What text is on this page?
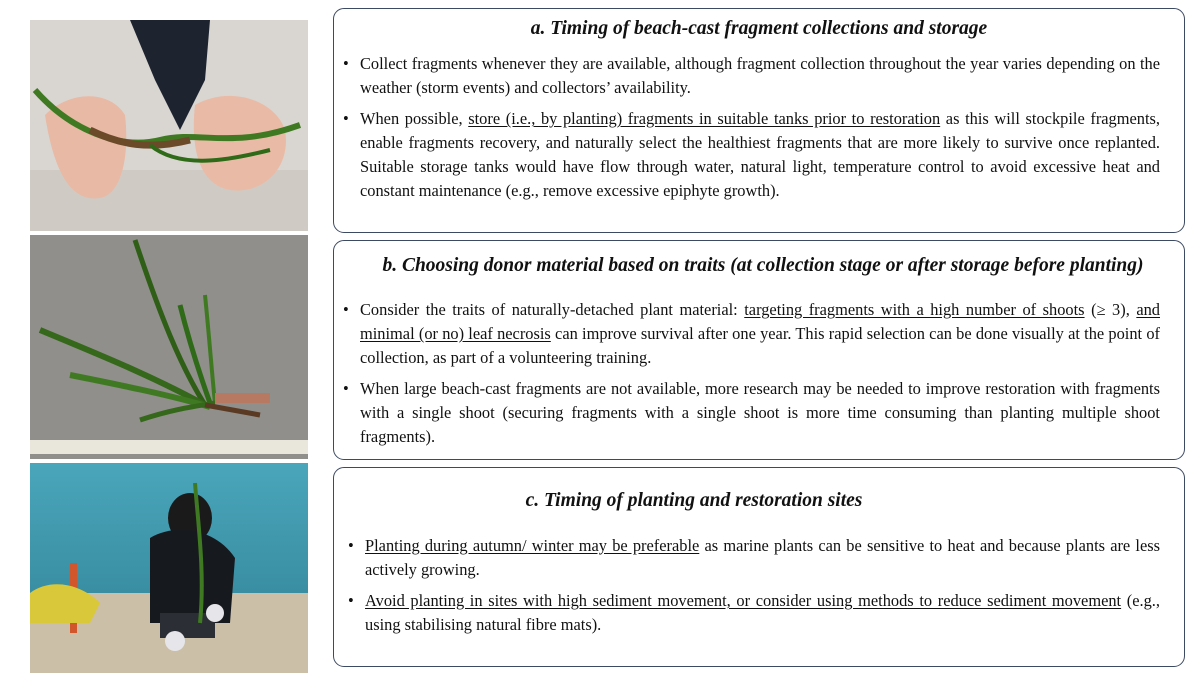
a. Timing of beach-cast fragment collections and storage
• Collect fragments whenever they are available, although fragment collection throughout the year varies depending on the weather (storm events) and collectors’ availability.
• When possible, store (i.e., by planting) fragments in suitable tanks prior to restoration as this will stockpile fragments, enable fragments recovery, and naturally select the healthiest fragments that are more likely to survive once replanted. Suitable storage tanks would have flow through water, natural light, temperature control to avoid excessive heat and constant maintenance (e.g., remove excessive epiphyte growth).
b. Choosing donor material based on traits (at collection stage or after storage before planting)
• Consider the traits of naturally-detached plant material: targeting fragments with a high number of shoots (≥ 3), and minimal (or no) leaf necrosis can improve survival after one year. This rapid selection can be done visually at the point of collection, as part of a volunteering training.
• When large beach-cast fragments are not available, more research may be needed to improve restoration with fragments with a single shoot (securing fragments with a single shoot is more time consuming than planting multiple shoot fragments).
c. Timing of planting and restoration sites
• Planting during autumn/ winter may be preferable as marine plants can be sensitive to heat and because plants are less actively growing.
• Avoid planting in sites with high sediment movement, or consider using methods to reduce sediment movement (e.g., using stabilising natural fibre mats).
